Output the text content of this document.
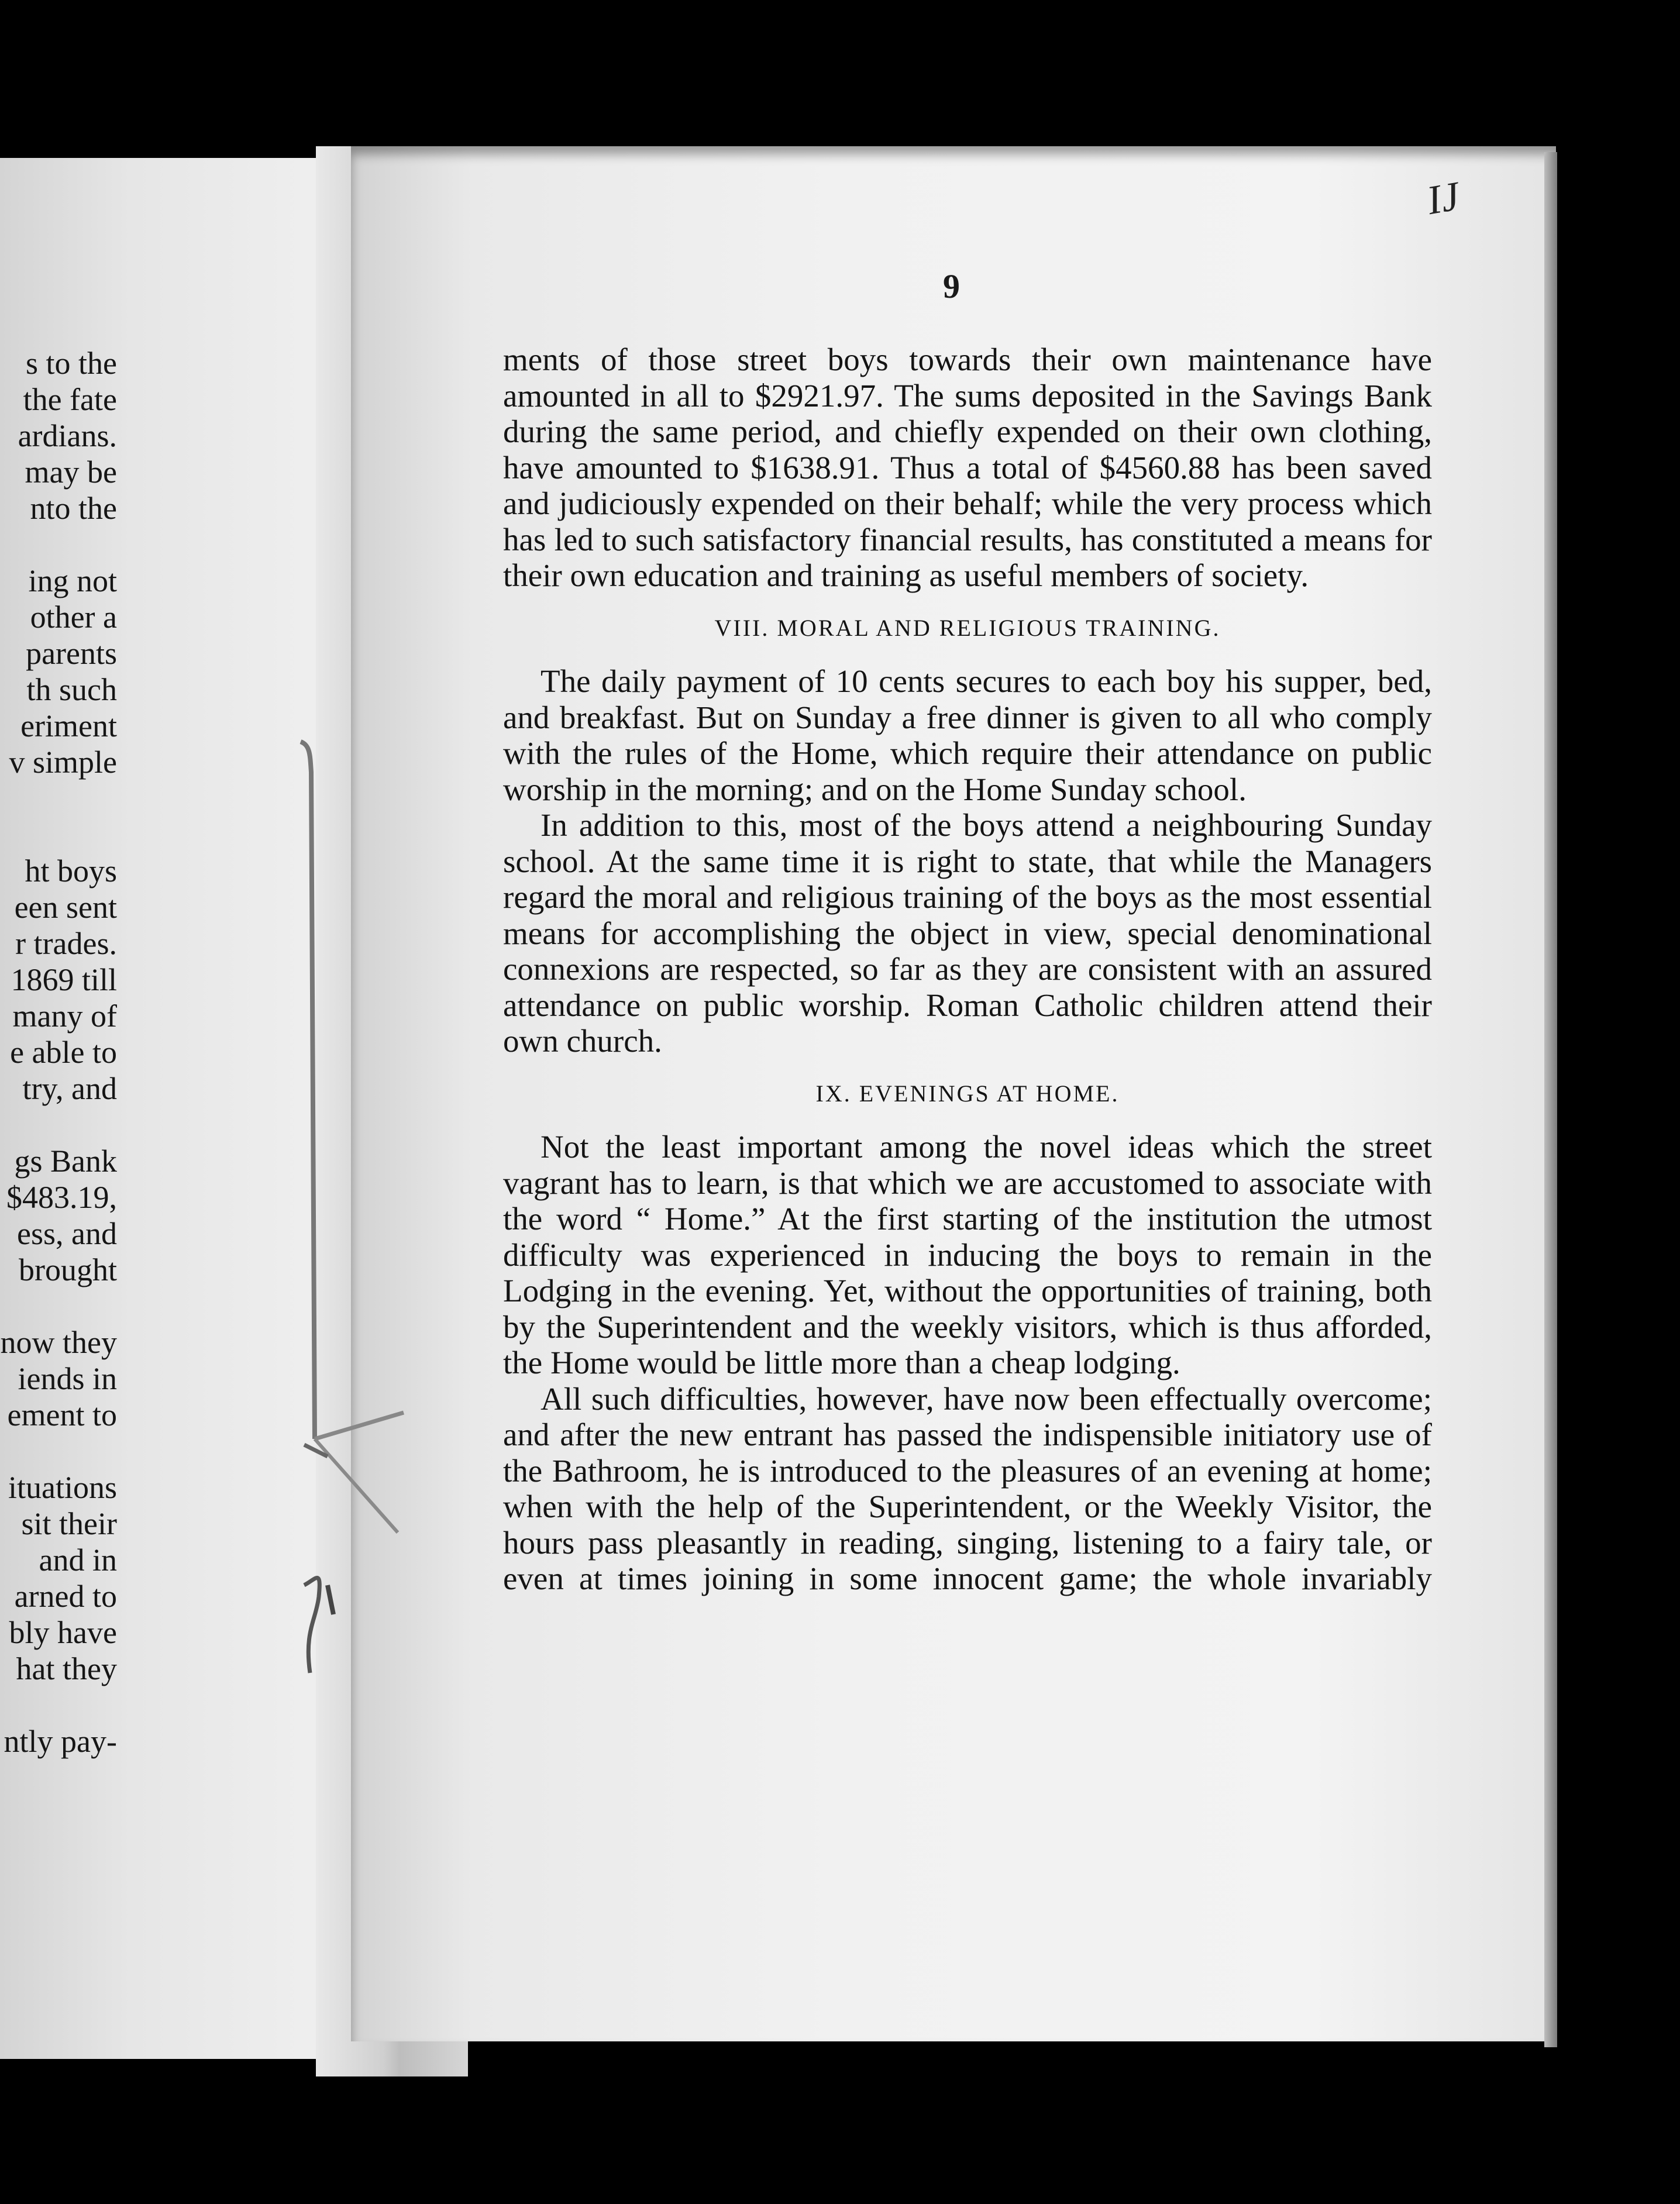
s to the
the fate
ardians.
may be
nto the
ing not
other a
parents
th such
eriment
v simple
ht boys
een sent
r trades.
1869 till
many of
e able to
try, and
gs Bank
$483.19,
ess, and
brought
now they
iends in
ement to
ituations
sit their
and in
arned to
bly have
hat they
ntly pay-
IJ
9

ments of those street boys towards their own maintenance have amounted in all to $2921.97. The sums deposited in the Savings Bank during the same period, and chiefly expended on their own clothing, have amounted to $1638.91. Thus a total of $4560.88 has been saved and judiciously expended on their behalf; while the very process which has led to such satisfactory financial results, has constituted a means for their own education and training as useful members of society.

VIII. MORAL AND RELIGIOUS TRAINING.

The daily payment of 10 cents secures to each boy his supper, bed, and breakfast. But on Sunday a free dinner is given to all who comply with the rules of the Home, which require their attendance on public worship in the morning; and on the Home Sunday school.

In addition to this, most of the boys attend a neighbouring Sunday school. At the same time it is right to state, that while the Managers regard the moral and religious training of the boys as the most essential means for accomplishing the object in view, special denominational connexions are respected, so far as they are consistent with an assured attendance on public worship. Roman Catholic children attend their own church.

IX. EVENINGS AT HOME.

Not the least important among the novel ideas which the street vagrant has to learn, is that which we are accustomed to associate with the word “ Home.” At the first starting of the institution the utmost difficulty was experienced in inducing the boys to remain in the Lodging in the evening. Yet, without the opportunities of training, both by the Superintendent and the weekly visitors, which is thus afforded, the Home would be little more than a cheap lodging.

All such difficulties, however, have now been effectually overcome; and after the new entrant has passed the indispensible initiatory use of the Bathroom, he is introduced to the pleasures of an evening at home; when with the help of the Superintendent, or the Weekly Visitor, the hours pass pleasantly in reading, singing, listening to a fairy tale, or even at times joining in some innocent game; the whole invariably
